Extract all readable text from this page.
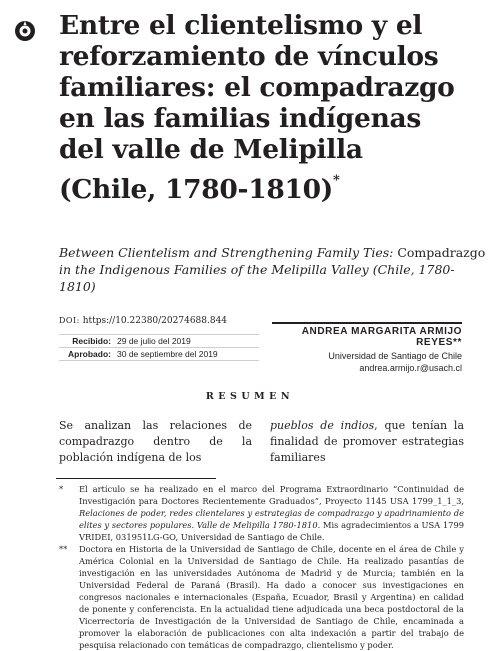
Entre el clientelismo y el
reforzamiento de vínculos
familiares: el compadrazgo
en las familias indígenas
del valle de Melipilla
(Chile, 1780-1810)*

Between Clientelism and Strengthening Family Ties: Compadrazgo
in the Indigenous Families of the Melipilla Valley (Chile, 1780-1810)

DOI: https://10.22380/20274688.844
Recibido: 29 de julio del 2019
Aprobado: 30 de septiembre del 2019
ANDREA MARGARITA ARMIJO REYES**
Universidad de Santiago de Chile
andrea.armijo.r@usach.cl
RESUMEN
Se analizan las relaciones de compadrazgo dentro de la población indígena de los
pueblos de indios, que tenían la finalidad de promover estrategias familiares
* El artículo se ha realizado en el marco del Programa Extraordinario “Continuidad de Investigación para Doctores Recientemente Graduados”, Proyecto 1145 USA 1799_1_1_3, Relaciones de poder, redes clientelares y estrategias de compadrazgo y apadrinamiento de elites y sectores populares. Valle de Melipilla 1780-1810. Mis agradecimientos a USA 1799 VRIDEI, 031951LG-GO, Universidad de Santiago de Chile.
** Doctora en Historia de la Universidad de Santiago de Chile, docente en el área de Chile y América Colonial en la Universidad de Santiago de Chile. Ha realizado pasantías de investigación en las universidades Autónoma de Madrid y de Murcia; también en la Universidad Federal de Paraná (Brasil). Ha dado a conocer sus investigaciones en congresos nacionales e internacionales (España, Ecuador, Brasil y Argentina) en calidad de ponente y conferencista. En la actualidad tiene adjudicada una beca postdoctoral de la Vicerrectoría de Investigación de la Universidad de Santiago de Chile, encaminada a promover la elaboración de publicaciones con alta indexación a partir del trabajo de pesquisa relacionado con temáticas de compadrazgo, clientelismo y poder.
